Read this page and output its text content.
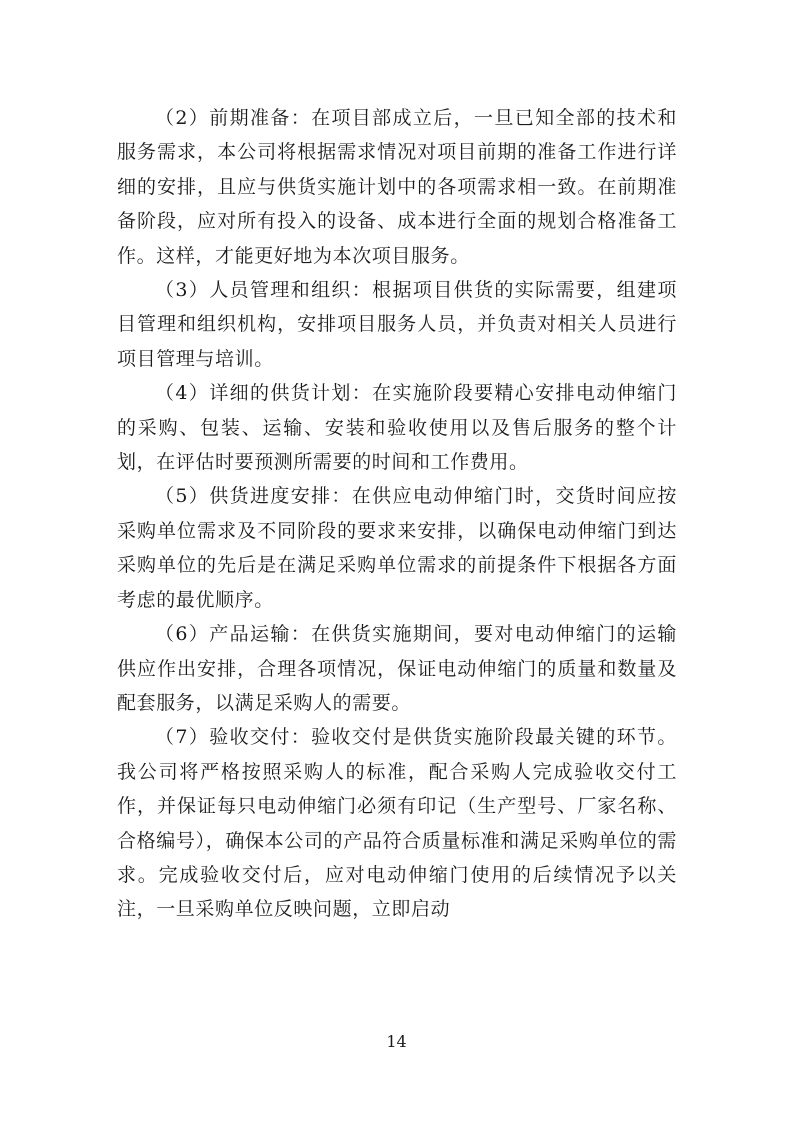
（2）前期准备：在项目部成立后，一旦已知全部的技术和服务需求，本公司将根据需求情况对项目前期的准备工作进行详细的安排，且应与供货实施计划中的各项需求相一致。在前期准备阶段，应对所有投入的设备、成本进行全面的规划合格准备工作。这样，才能更好地为本次项目服务。

（3）人员管理和组织：根据项目供货的实际需要，组建项目管理和组织机构，安排项目服务人员，并负责对相关人员进行项目管理与培训。

（4）详细的供货计划：在实施阶段要精心安排电动伸缩门的采购、包装、运输、安装和验收使用以及售后服务的整个计划，在评估时要预测所需要的时间和工作费用。

（5）供货进度安排：在供应电动伸缩门时，交货时间应按采购单位需求及不同阶段的要求来安排，以确保电动伸缩门到达采购单位的先后是在满足采购单位需求的前提条件下根据各方面考虑的最优顺序。

（6）产品运输：在供货实施期间，要对电动伸缩门的运输供应作出安排，合理各项情况，保证电动伸缩门的质量和数量及配套服务，以满足采购人的需要。

（7）验收交付：验收交付是供货实施阶段最关键的环节。我公司将严格按照采购人的标准，配合采购人完成验收交付工作，并保证每只电动伸缩门必须有印记（生产型号、厂家名称、合格编号），确保本公司的产品符合质量标准和满足采购单位的需求。完成验收交付后，应对电动伸缩门使用的后续情况予以关注，一旦采购单位反映问题，立即启动

14
